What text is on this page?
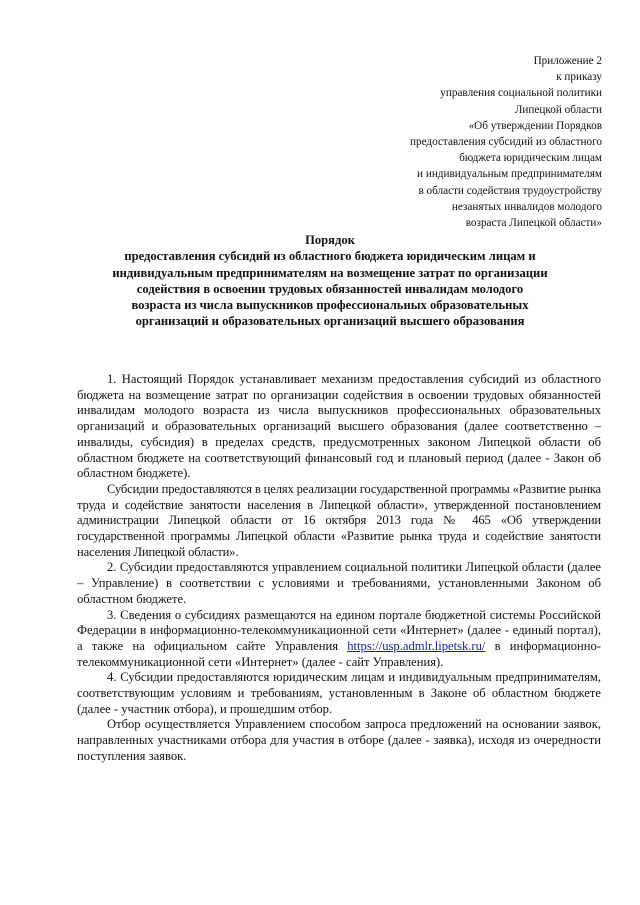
Приложение 2
к приказу
управления социальной политики
Липецкой области
«Об утверждении Порядков
предоставления субсидий из областного
бюджета юридическим лицам
и индивидуальным предпринимателям
в области содействия трудоустройству
незанятых инвалидов молодого
возраста Липецкой области»
Порядок
предоставления субсидий из областного бюджета юридическим лицам и
индивидуальным предпринимателям на возмещение затрат по организации
содействия в освоении трудовых обязанностей инвалидам молодого
возраста из числа выпускников профессиональных образовательных
организаций и образовательных организаций высшего образования

1. Настоящий Порядок устанавливает механизм предоставления субсидий из областного бюджета на возмещение затрат по организации содействия в освоении трудовых обязанностей инвалидам молодого возраста из числа выпускников профессиональных образовательных организаций и образовательных организаций высшего образования (далее соответственно – инвалиды, субсидия) в пределах средств, предусмотренных законом Липецкой области об областном бюджете на соответствующий финансовый год и плановый период (далее - Закон об областном бюджете).

Субсидии предоставляются в целях реализации государственной программы «Развитие рынка труда и содействие занятости населения в Липецкой области», утвержденной постановлением администрации Липецкой области от 16 октября 2013 года № 465 «Об утверждении государственной программы Липецкой области «Развитие рынка труда и содействие занятости населения Липецкой области».

2. Субсидии предоставляются управлением социальной политики Липецкой области (далее – Управление) в соответствии с условиями и требованиями, установленными Законом об областном бюджете.

3. Сведения о субсидиях размещаются на едином портале бюджетной системы Российской Федерации в информационно-телекоммуникационной сети «Интернет» (далее - единый портал), а также на официальном сайте Управления https://usp.admlr.lipetsk.ru/ в информационно-телекоммуникационной сети «Интернет» (далее - сайт Управления).

4. Субсидии предоставляются юридическим лицам и индивидуальным предпринимателям, соответствующим условиям и требованиям, установленным в Законе об областном бюджете (далее - участник отбора), и прошедшим отбор.

Отбор осуществляется Управлением способом запроса предложений на основании заявок, направленных участниками отбора для участия в отборе (далее - заявка), исходя из очередности поступления заявок.
